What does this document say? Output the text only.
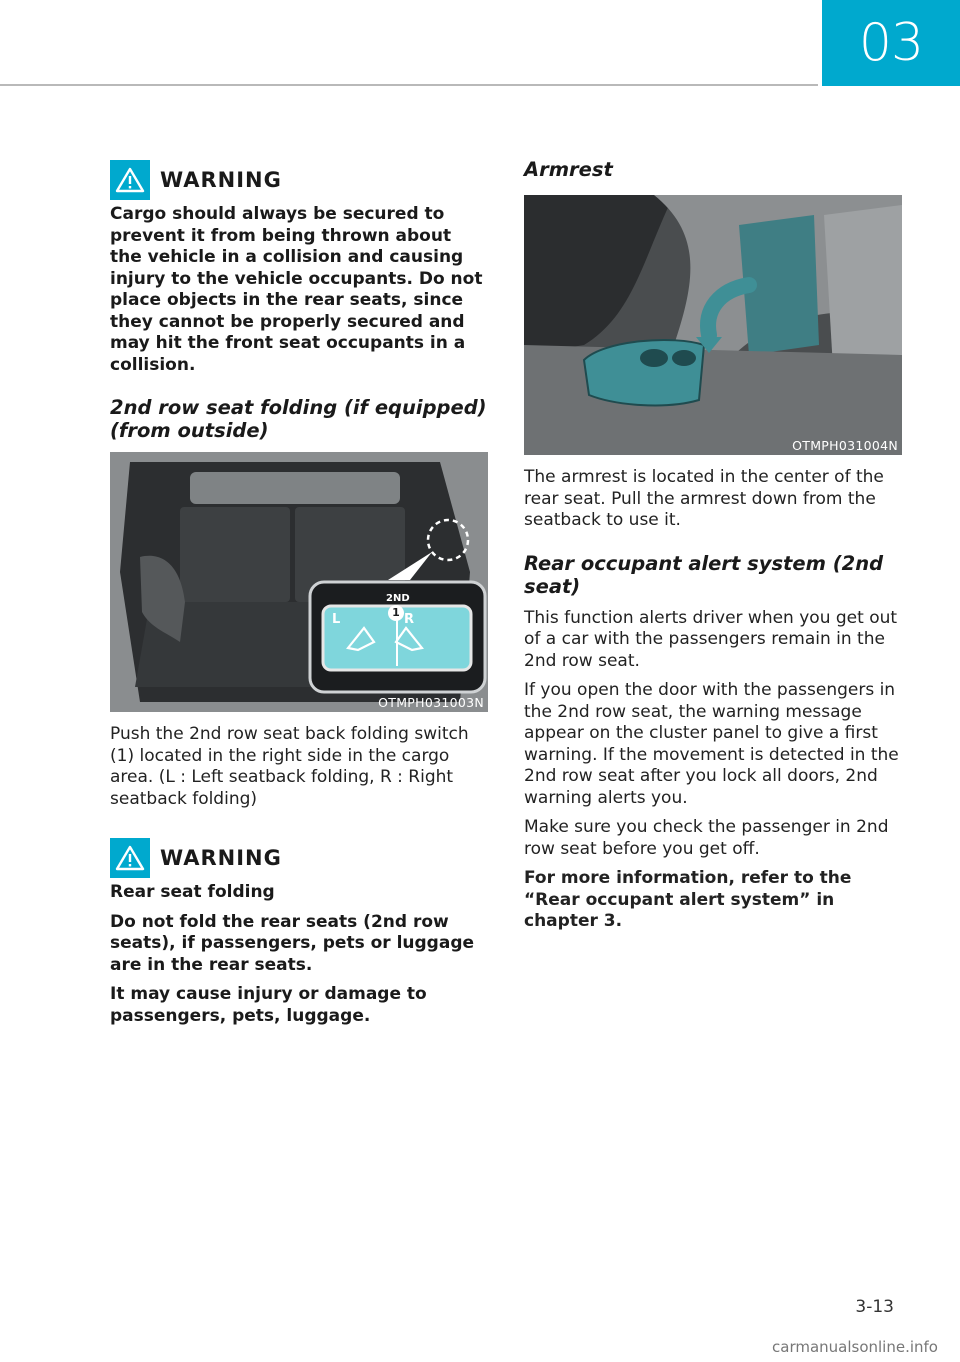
03
WARNING

Cargo should always be secured to prevent it from being thrown about the vehicle in a collision and causing injury to the vehicle occupants. Do not place objects in the rear seats, since they cannot be properly secured and may hit the front seat occupants in a collision.

2nd row seat folding (if equipped)
(from outside)
2ND
1
L	R
OTMPH031003N

Push the 2nd row seat back folding switch (1) located in the right side in the cargo area. (L : Left seatback folding, R : Right seatback folding)

WARNING

Rear seat folding

Do not fold the rear seats (2nd row seats), if passengers, pets or luggage are in the rear seats.

It may cause injury or damage to passengers, pets, luggage.

Armrest
OTMPH031004N

The armrest is located in the center of the rear seat. Pull the armrest down from the seatback to use it.

Rear occupant alert system (2nd seat)

This function alerts driver when you get out of a car with the passengers remain in the 2nd row seat.

If you open the door with the passengers in the 2nd row seat, the warning message appear on the cluster panel to give a first warning. If the movement is detected in the 2nd row seat after you lock all doors, 2nd warning alerts you.

Make sure you check the passenger in 2nd row seat before you get off.

For more information, refer to the “Rear occupant alert system” in chapter 3.

3-13
carmanualsonline.info
